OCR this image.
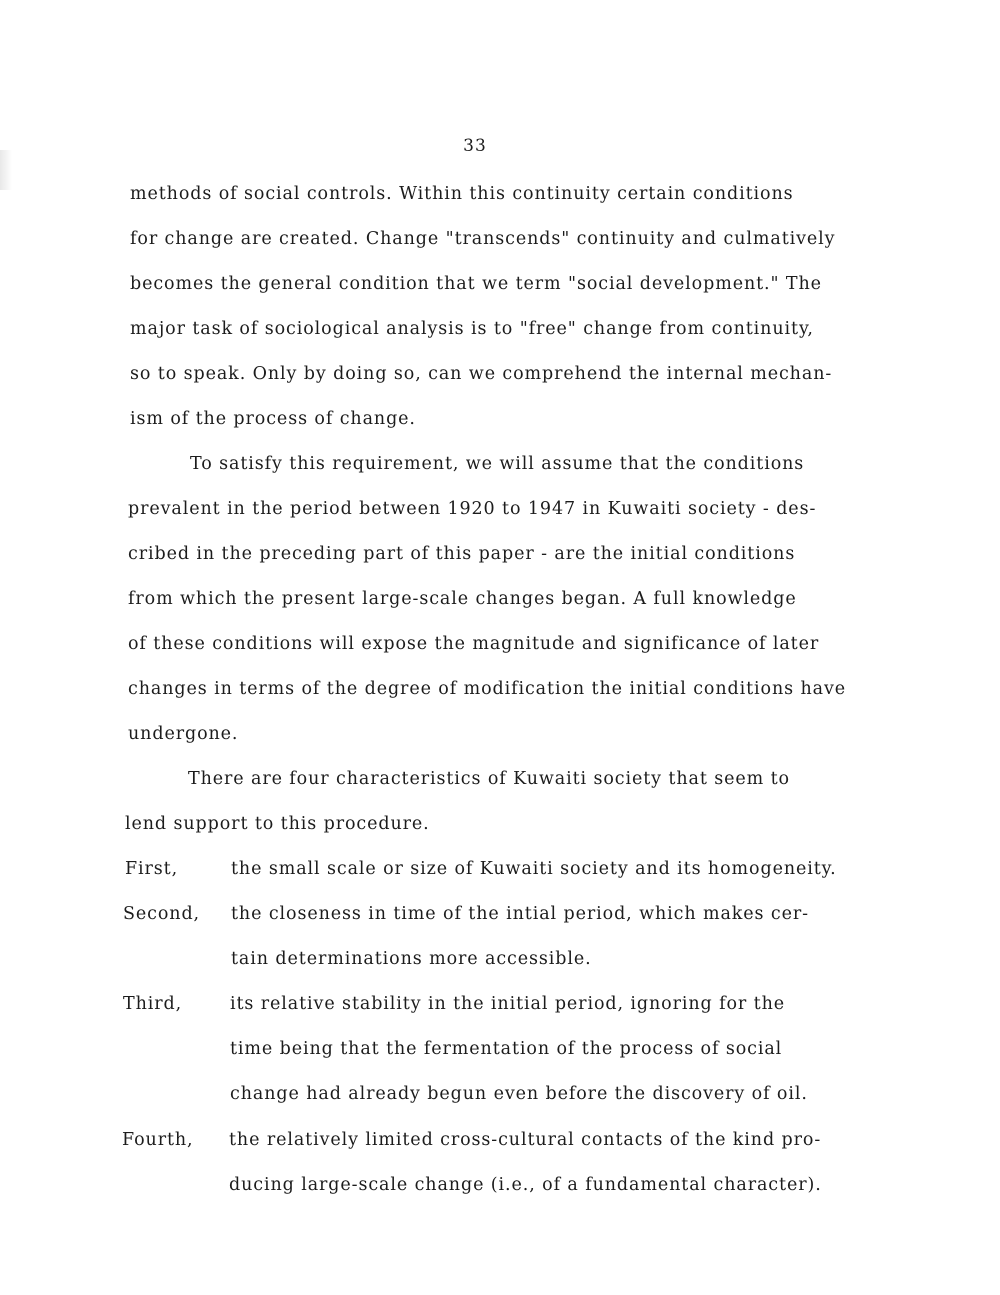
33
methods of social controls. Within this continuity certain conditions
for change are created. Change "transcends" continuity and culmatively
becomes the general condition that we term "social development." The
major task of sociological analysis is to "free" change from continuity,
so to speak. Only by doing so, can we comprehend the internal mechan-
ism of the process of change.
To satisfy this requirement, we will assume that the conditions
prevalent in the period between 1920 to 1947 in Kuwaiti society - des-
cribed in the preceding part of this paper - are the initial conditions
from which the present large-scale changes began. A full knowledge
of these conditions will expose the magnitude and significance of later
changes in terms of the degree of modification the initial conditions have
undergone.
There are four characteristics of Kuwaiti society that seem to
lend support to this procedure.
First,	the small scale or size of Kuwaiti society and its homogeneity.
Second, the closeness in time of the intial period, which makes cer-
tain determinations more accessible.
Third,	its relative stability in the initial period, ignoring for the
time being that the fermentation of the process of social
change had already begun even before the discovery of oil.
Fourth, the relatively limited cross-cultural contacts of the kind pro-
ducing large-scale change (i.e., of a fundamental character).
